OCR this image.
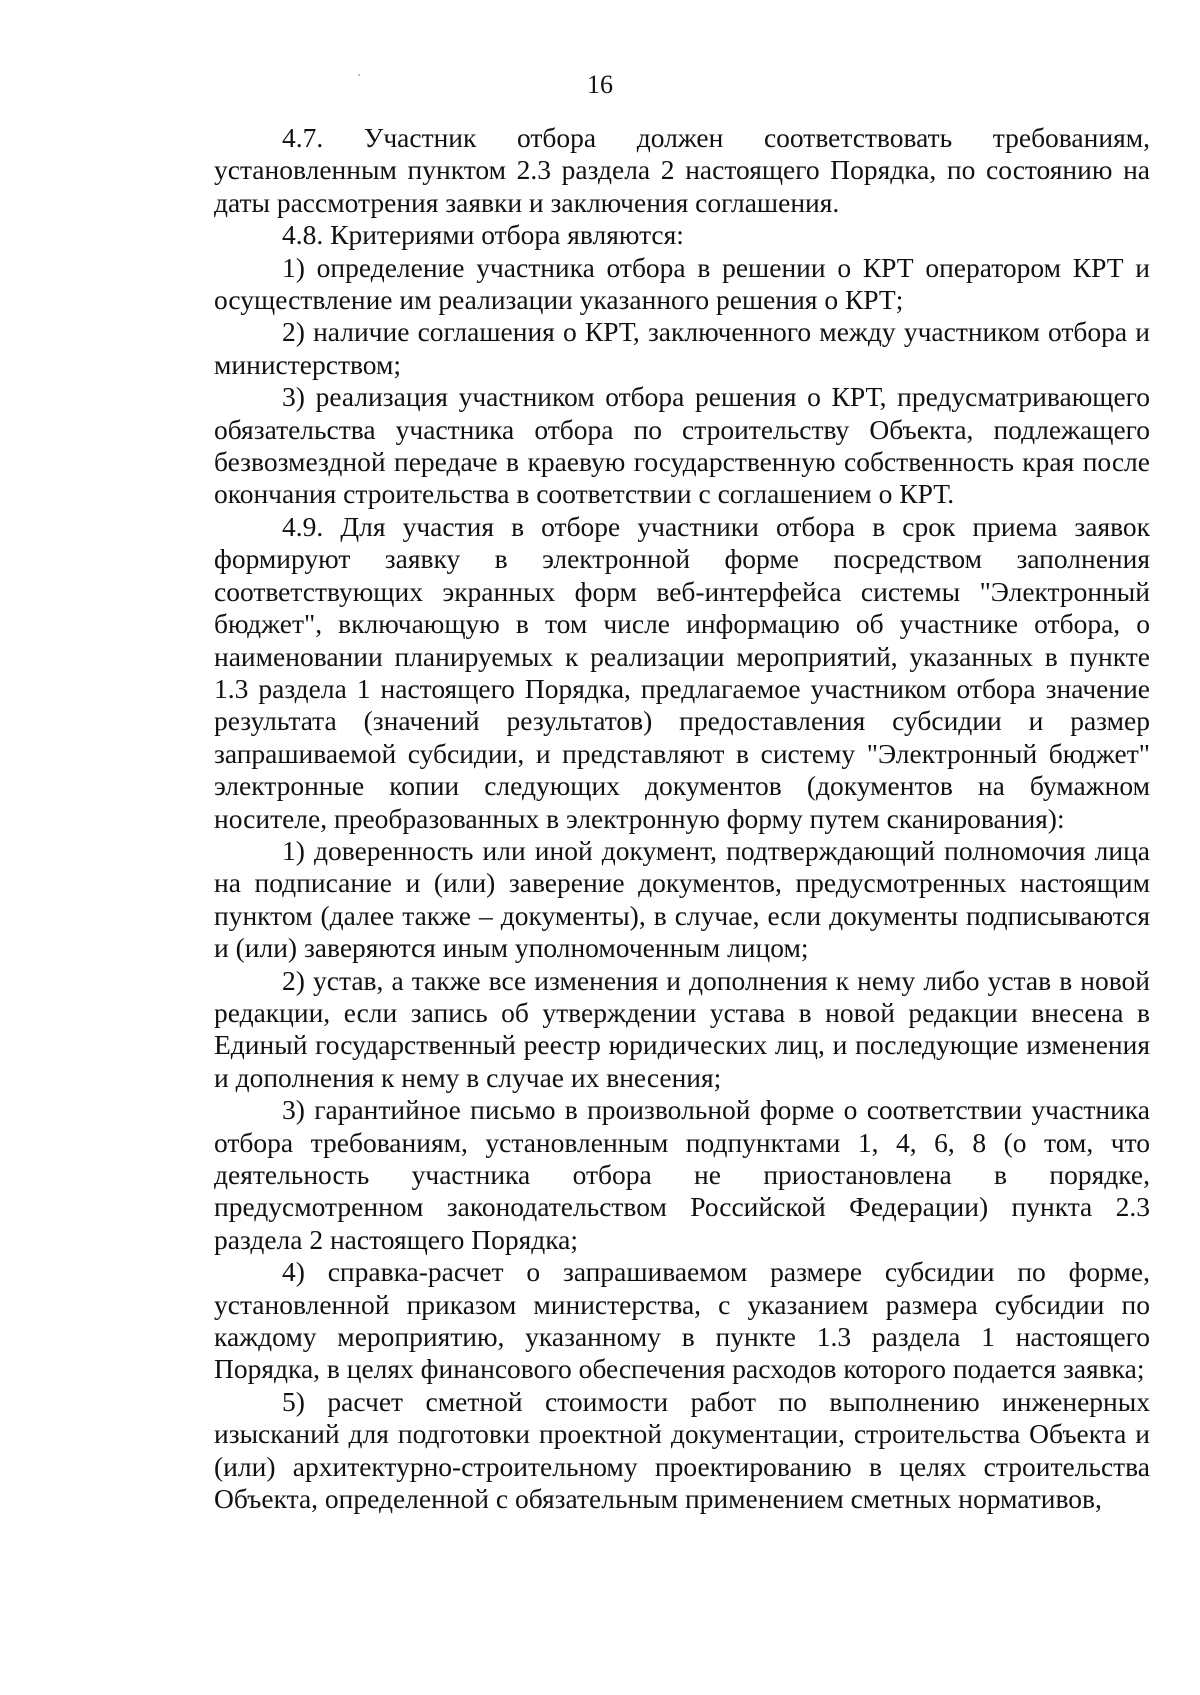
16

4.7. Участник отбора должен соответствовать требованиям, установленным пунктом 2.3 раздела 2 настоящего Порядка, по состоянию на даты рассмотрения заявки и заключения соглашения.

4.8. Критериями отбора являются:

1) определение участника отбора в решении о КРТ оператором КРТ и осуществление им реализации указанного решения о КРТ;

2) наличие соглашения о КРТ, заключенного между участником отбора и министерством;

3) реализация участником отбора решения о КРТ, предусматривающего обязательства участника отбора по строительству Объекта, подлежащего безвозмездной передаче в краевую государственную собственность края после окончания строительства в соответствии с соглашением о КРТ.

4.9. Для участия в отборе участники отбора в срок приема заявок формируют заявку в электронной форме посредством заполнения соответствующих экранных форм веб-интерфейса системы "Электронный бюджет", включающую в том числе информацию об участнике отбора, о наименовании планируемых к реализации мероприятий, указанных в пункте 1.3 раздела 1 настоящего Порядка, предлагаемое участником отбора значение результата (значений результатов) предоставления субсидии и размер запрашиваемой субсидии, и представляют в систему "Электронный бюджет" электронные копии следующих документов (документов на бумажном носителе, преобразованных в электронную форму путем сканирования):

1) доверенность или иной документ, подтверждающий полномочия лица на подписание и (или) заверение документов, предусмотренных настоящим пунктом (далее также – документы), в случае, если документы подписываются и (или) заверяются иным уполномоченным лицом;

2) устав, а также все изменения и дополнения к нему либо устав в новой редакции, если запись об утверждении устава в новой редакции внесена в Единый государственный реестр юридических лиц, и последующие изменения и дополнения к нему в случае их внесения;

3) гарантийное письмо в произвольной форме о соответствии участника отбора требованиям, установленным подпунктами 1, 4, 6, 8 (о том, что деятельность участника отбора не приостановлена в порядке, предусмотренном законодательством Российской Федерации) пункта 2.3 раздела 2 настоящего Порядка;

4) справка-расчет о запрашиваемом размере субсидии по форме, установленной приказом министерства, с указанием размера субсидии по каждому мероприятию, указанному в пункте 1.3 раздела 1 настоящего Порядка, в целях финансового обеспечения расходов которого подается заявка;

5) расчет сметной стоимости работ по выполнению инженерных изысканий для подготовки проектной документации, строительства Объекта и (или) архитектурно-строительному проектированию в целях строительства Объекта, определенной с обязательным применением сметных нормативов,
